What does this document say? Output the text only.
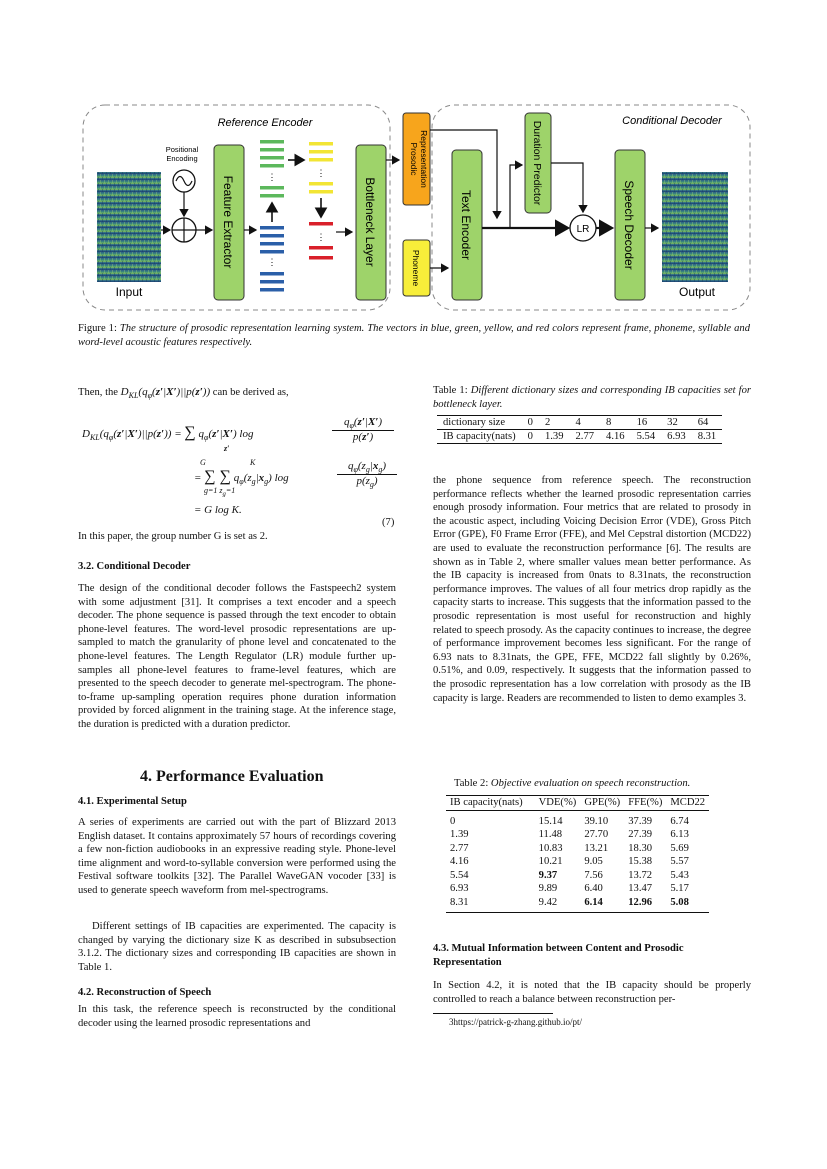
Reference Encoder	Conditional Decoder
Input
Positional
Encoding
Feature Extractor	⋮
⋮
⋮
⋮	Bottleneck Layer
Prosodic Representation
Phoneme
Text Encoder
Duration Predictor
LR	Speech Decoder
Output
Figure 1: The structure of prosodic representation learning system. The vectors in blue, green, yellow, and red colors represent frame, phoneme, syllable and word-level acoustic features respectively.
Then, the $D_{KL}(q_\varphi(z'|X')||p(z'))$ can be derived as,
$D_{KL}(q_\varphi(z'|X')||p(z'))$ = ∑ $q_\varphi(z'|X')$ log
$q_\varphi(z'|X')$
p(z′)
z′
G	K
= ∑ ∑ $q_\varphi(z_g|x_g)$ log
$q_\varphi(z_g|x_g)$
$p(z_g)$
g=1 $z_g=1$
= G log K.
(7)
In this paper, the group number G is set as 2.
3.2. Conditional Decoder
The design of the conditional decoder follows the Fastspeech2 system with some adjustment [31]. It comprises a text encoder and a speech decoder. The phone sequence is passed through the text encoder to obtain phone-level features. The word-level prosodic representations are up-sampled to match the granularity of phone level and concatenated to the phone-level features. The Length Regulator (LR) module further up-samples all phone-level features to frame-level features, which are presented to the speech decoder to generate mel-spectrogram. The phone-to-frame up-sampling operation requires phone duration information provided by forced alignment in the training stage. At the inference stage, the duration is predicted with a duration predictor.
4. Performance Evaluation
4.1. Experimental Setup
A series of experiments are carried out with the part of Blizzard 2013 English dataset. It contains approximately 57 hours of recordings covering a few non-fiction audiobooks in an expressive reading style. Phone-level time alignment and word-to-syllable conversion were performed using the Festival software toolkits [32]. The Parallel WaveGAN vocoder [33] is used to generate speech waveform from mel-spectrograms.
Different settings of IB capacities are experimented. The capacity is changed by varying the dictionary size K as described in subsubsection 3.1.2. The dictionary sizes and corresponding IB capacities are shown in Table 1.
4.2. Reconstruction of Speech
In this task, the reference speech is reconstructed by the conditional decoder using the learned prosodic representations and
Table 1: Different dictionary sizes and corresponding IB capacities set for bottleneck layer.
dictionary size	0	2	4	8	16	32	64
IB capacity(nats)	0	1.39	2.77	4.16	5.54	6.93	8.31
the phone sequence from reference speech. The reconstruction performance reflects whether the learned prosodic representation carries enough prosody information. Four metrics that are related to prosody in the acoustic aspect, including Voicing Decision Error (VDE), Gross Pitch Error (GPE), F0 Frame Error (FFE), and Mel Cepstral distortion (MCD22) are used to evaluate the reconstruction performance [6]. The results are shown as in Table 2, where smaller values mean better performance. As the IB capacity is increased from 0nats to 8.31nats, the reconstruction performance improves. The values of all four metrics drop rapidly as the capacity starts to increase. This suggests that the information passed to the prosodic representation is most useful for reconstruction and highly related to speech prosody. As the capacity continues to increase, the degree of performance improvement becomes less significant. For the range of 6.93 nats to 8.31nats, the GPE, FFE, MCD22 fall slightly by 0.26%, 0.51%, and 0.09, respectively. It suggests that the information passed to the prosodic representation has a low correlation with prosody as the IB capacity is large. Readers are recommended to listen to demo examples 3.
Table 2: Objective evaluation on speech reconstruction.
IB capacity(nats)	VDE(%)	GPE(%)	FFE(%)	MCD22
0	15.14	39.10	37.39	6.74
1.39	11.48	27.70	27.39	6.13
2.77	10.83	13.21	18.30	5.69
4.16	10.21	9.05	15.38	5.57
5.54	9.37	7.56	13.72	5.43
6.93	9.89	6.40	13.47	5.17
8.31	9.42	6.14	12.96	5.08
4.3. Mutual Information between Content and Prosodic Representation
In Section 4.2, it is noted that the IB capacity should be properly controlled to reach a balance between reconstruction per-
3https://patrick-g-zhang.github.io/pt/
